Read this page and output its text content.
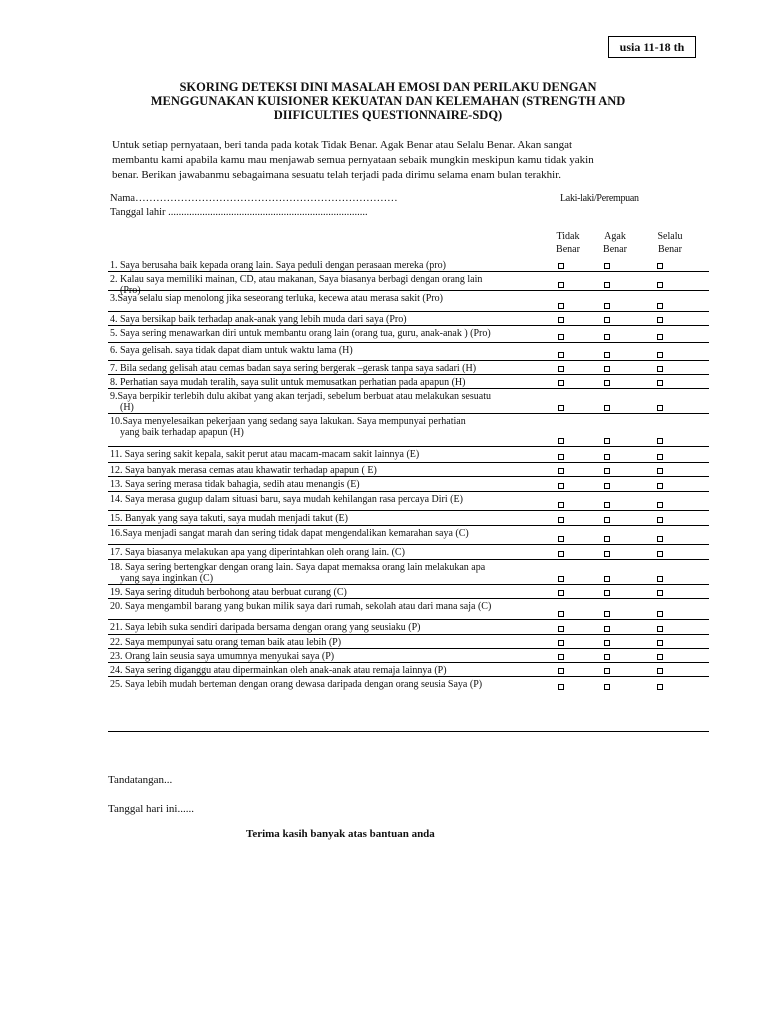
usia 11-18 th
SKORING DETEKSI DINI MASALAH EMOSI DAN PERILAKU DENGAN
MENGGUNAKAN KUISIONER KEKUATAN DAN KELEMAHAN (STRENGTH AND
DIIFICULTIES QUESTIONNAIRE-SDQ)
Untuk setiap pernyataan, beri tanda pada kotak Tidak Benar. Agak Benar atau Selalu Benar. Akan sangat
membantu kami apabila kamu mau menjawab semua pernyataan sebaik mungkin meskipun kamu tidak yakin
benar. Berikan jawabanmu sebagaimana sesuatu telah terjadi pada dirimu selama enam bulan terakhir.
Nama…………………………………………………………………
Tanggal lahir ............................................................................
Laki-laki/Perempuan
Tidak
Benar
Agak
Benar
Selalu
Benar
1. Saya berusaha baik kepada orang lain. Saya peduli dengan perasaan mereka (pro)
2. Kalau saya memiliki mainan, CD, atau makanan, Saya biasanya berbagi dengan orang lain
(Pro)
3.Saya selalu siap menolong jika seseorang terluka, kecewa atau merasa sakit (Pro)
4. Saya bersikap baik terhadap anak-anak yang lebih muda dari saya (Pro)
5. Saya sering menawarkan diri untuk membantu orang lain (orang tua, guru, anak-anak ) (Pro)
6. Saya gelisah. saya tidak dapat diam untuk waktu lama (H)
7. Bila sedang gelisah atau cemas badan saya sering bergerak –gerask tanpa saya sadari (H)
8. Perhatian saya mudah teralih, saya sulit untuk memusatkan perhatian pada apapun (H)
9.Saya berpikir terlebih dulu akibat yang akan terjadi, sebelum berbuat atau melakukan sesuatu
(H)
10.Saya menyelesaikan pekerjaan yang sedang saya lakukan. Saya mempunyai perhatian
yang baik terhadap apapun (H)
11. Saya sering sakit kepala, sakit perut atau macam-macam sakit lainnya (E)
12. Saya banyak merasa cemas atau khawatir terhadap apapun ( E)
13. Saya sering merasa tidak bahagia, sedih atau menangis (E)
14. Saya merasa gugup dalam situasi baru, saya mudah kehilangan rasa percaya Diri (E)
15. Banyak yang saya takuti, saya mudah menjadi takut (E)
16.Saya menjadi sangat marah dan sering tidak dapat mengendalikan kemarahan saya (C)
17. Saya biasanya melakukan apa yang diperintahkan oleh orang lain. (C)
18. Saya sering bertengkar dengan orang lain. Saya dapat memaksa orang lain melakukan apa
yang saya inginkan (C)
19. Saya sering dituduh berbohong atau berbuat curang (C)
20. Saya mengambil barang yang bukan milik saya dari rumah, sekolah atau dari mana saja (C)
21. Saya lebih suka sendiri daripada bersama dengan orang yang seusiaku (P)
22. Saya mempunyai satu orang teman baik atau lebih (P)
23. Orang lain seusia saya umumnya menyukai saya (P)
24. Saya sering diganggu atau dipermainkan oleh anak-anak atau remaja lainnya (P)
25. Saya lebih mudah berteman dengan orang dewasa daripada dengan orang seusia Saya (P)
Tandatangan...
Tanggal hari ini......
Terima kasih banyak atas bantuan anda
